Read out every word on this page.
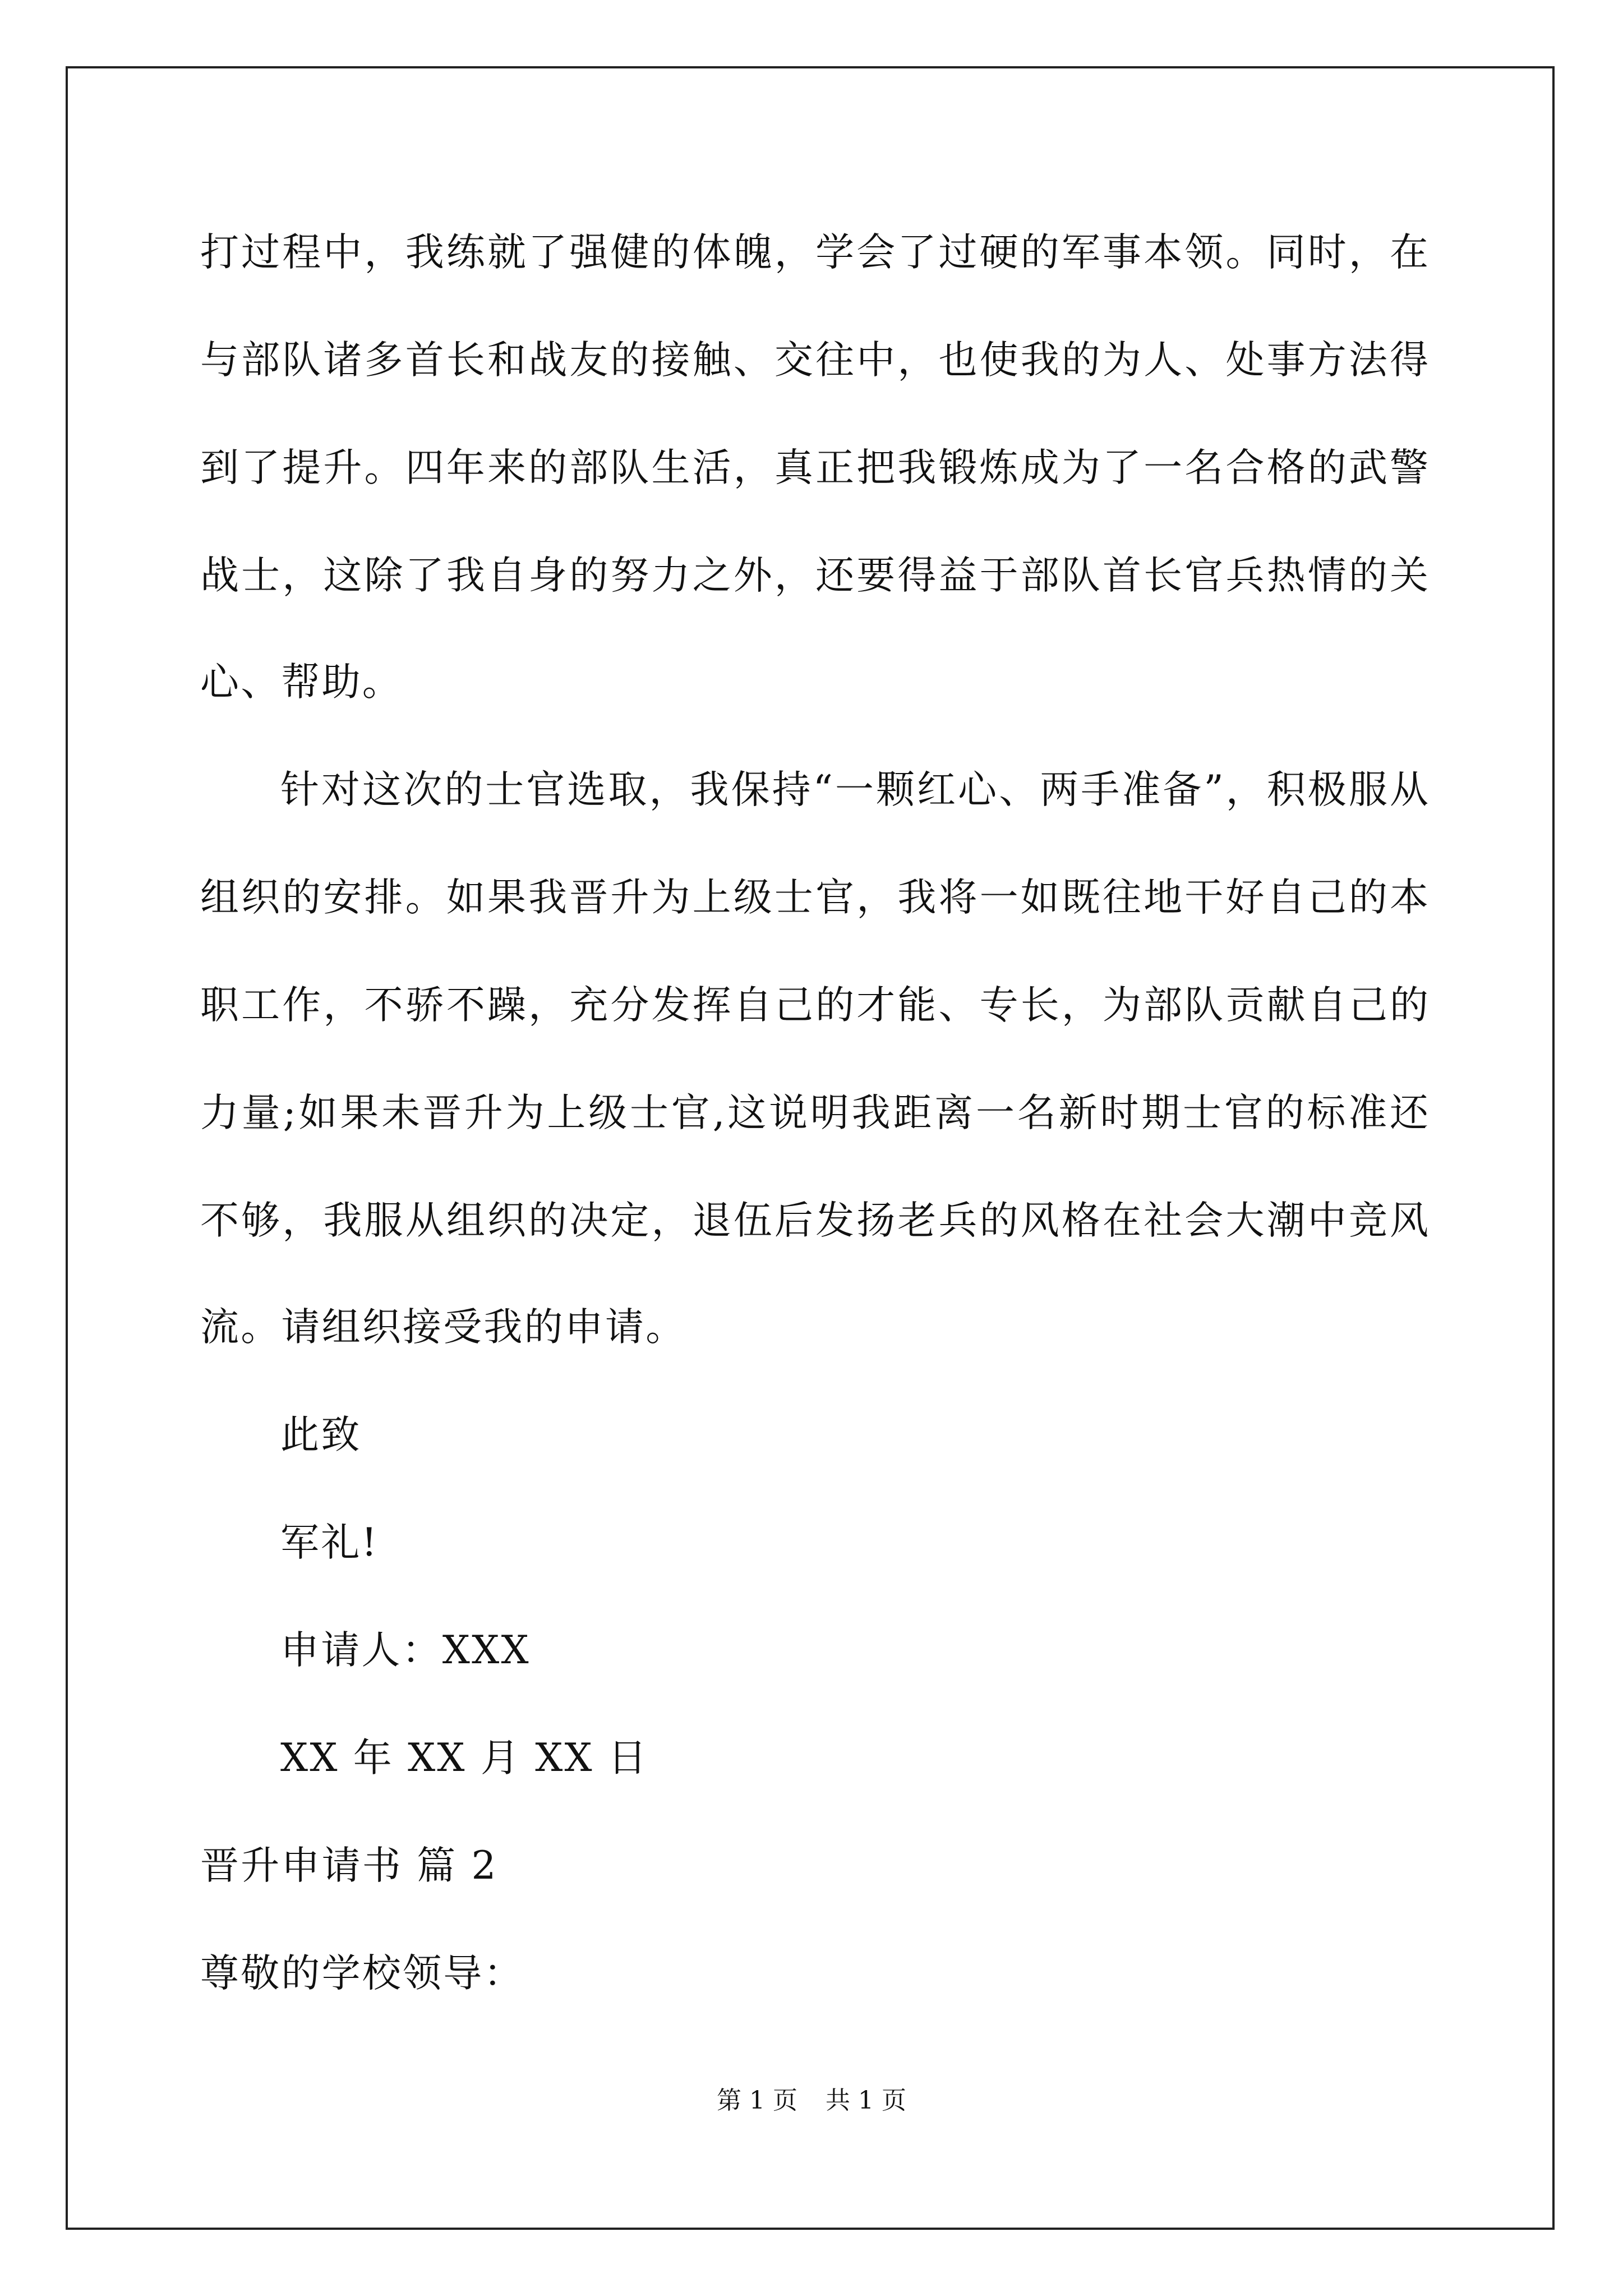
打过程中，我练就了强健的体魄，学会了过硬的军事本领。同时，在
与部队诸多首长和战友的接触、交往中，也使我的为人、处事方法得
到了提升。四年来的部队生活，真正把我锻炼成为了一名合格的武警
战士，这除了我自身的努力之外，还要得益于部队首长官兵热情的关
心、帮助。
针对这次的士官选取，我保持“一颗红心、两手准备”，积极服从
组织的安排。如果我晋升为上级士官，我将一如既往地干好自己的本
职工作，不骄不躁，充分发挥自己的才能、专长，为部队贡献自己的
力量;如果未晋升为上级士官,这说明我距离一名新时期士官的标准还
不够，我服从组织的决定，退伍后发扬老兵的风格在社会大潮中竞风
流。请组织接受我的申请。
此致
军礼!
申请人：XXX
XX 年 XX 月 XX 日
晋升申请书 篇 2
尊敬的学校领导：
第 1 页 共 1 页
